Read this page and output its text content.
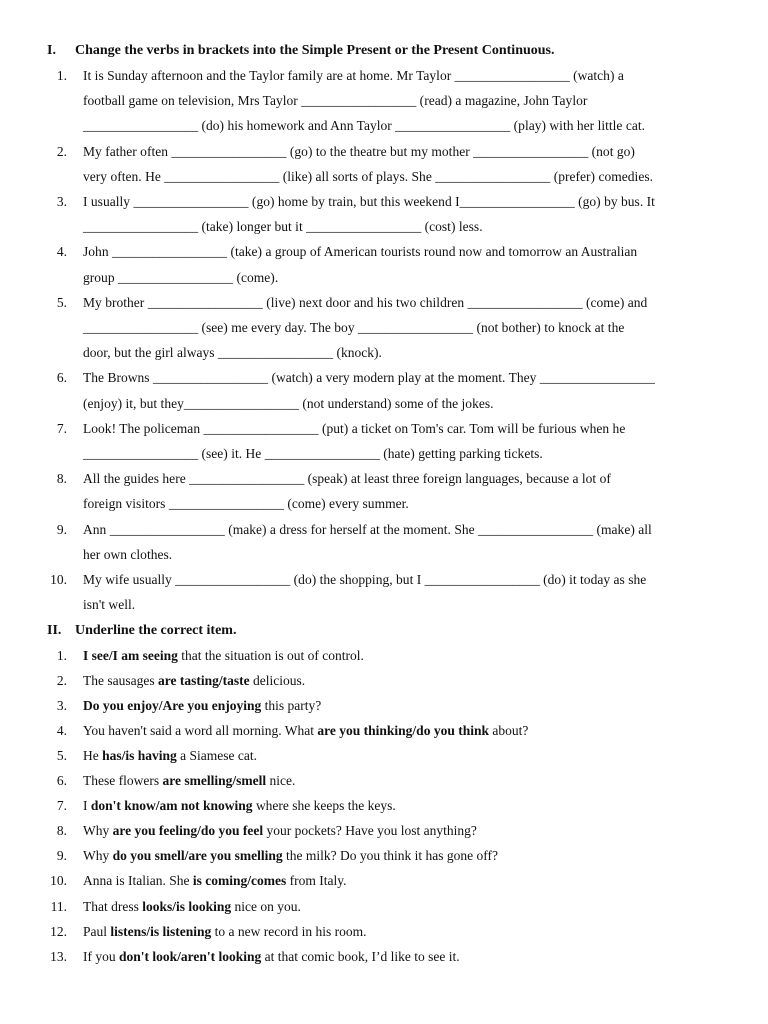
I. Change the verbs in brackets into the Simple Present or the Present Continuous.
1. It is Sunday afternoon and the Taylor family are at home. Mr Taylor _________________ (watch) a
football game on television, Mrs Taylor _________________ (read) a magazine, John Taylor
_________________ (do) his homework and Ann Taylor _________________ (play) with her little cat.
2. My father often _________________ (go) to the theatre but my mother _________________ (not go)
very often. He _________________ (like) all sorts of plays. She _________________ (prefer) comedies.
3. I usually _________________ (go) home by train, but this weekend I_________________ (go) by bus. It
_________________ (take) longer but it _________________ (cost) less.
4. John _________________ (take) a group of American tourists round now and tomorrow an Australian
group _________________ (come).
5. My brother _________________ (live) next door and his two children _________________ (come) and
_________________ (see) me every day. The boy _________________ (not bother) to knock at the
door, but the girl always _________________ (knock).
6. The Browns _________________ (watch) a very modern play at the moment. They _________________
(enjoy) it, but they_________________ (not understand) some of the jokes.
7. Look! The policeman _________________ (put) a ticket on Tom's car. Tom will be furious when he
_________________ (see) it. He _________________ (hate) getting parking tickets.
8. All the guides here _________________ (speak) at least three foreign languages, because a lot of
foreign visitors _________________ (come) every summer.
9. Ann _________________ (make) a dress for herself at the moment. She _________________ (make) all
her own clothes.
10. My wife usually _________________ (do) the shopping, but I _________________ (do) it today as she
isn't well.
II. Underline the correct item.
1. I see/I am seeing that the situation is out of control.
2. The sausages are tasting/taste delicious.
3. Do you enjoy/Are you enjoying this party?
4. You haven't said a word all morning. What are you thinking/do you think about?
5. He has/is having a Siamese cat.
6. These flowers are smelling/smell nice.
7. I don't know/am not knowing where she keeps the keys.
8. Why are you feeling/do you feel your pockets? Have you lost anything?
9. Why do you smell/are you smelling the milk? Do you think it has gone off?
10. Anna is Italian. She is coming/comes from Italy.
11. That dress looks/is looking nice on you.
12. Paul listens/is listening to a new record in his room.
13. If you don't look/aren't looking at that comic book, I’d like to see it.
